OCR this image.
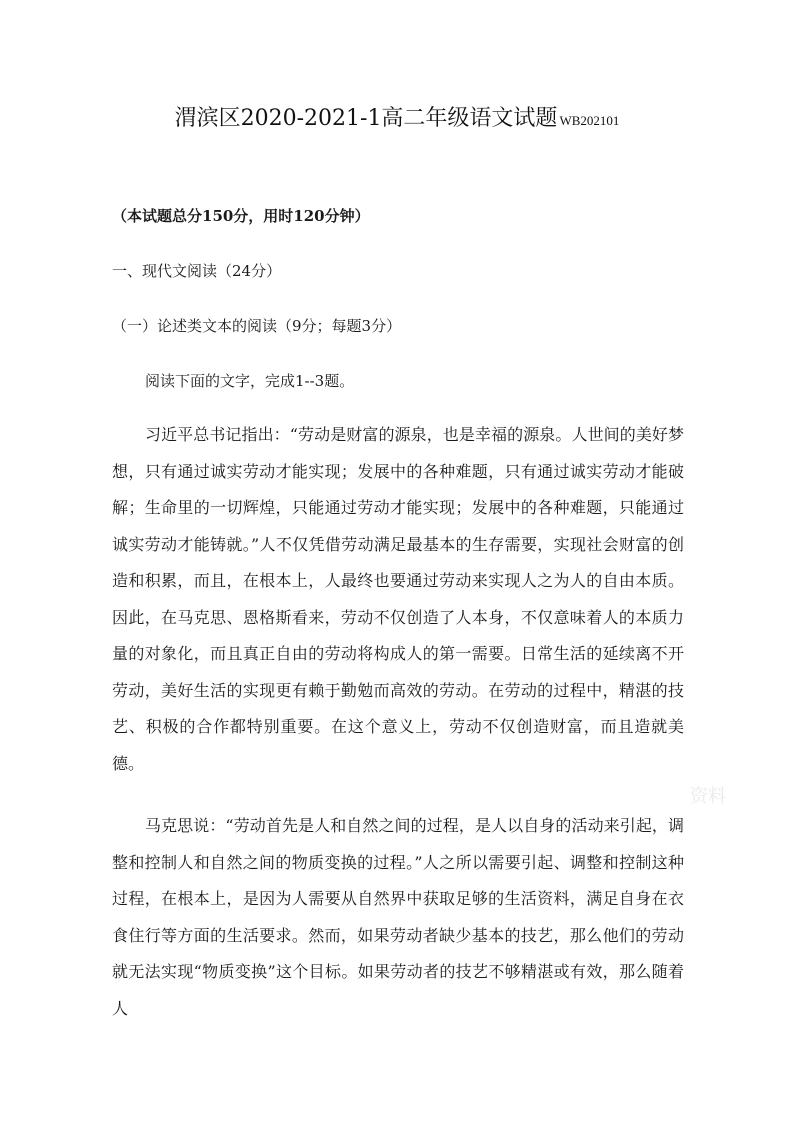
渭滨区2020-2021-1高二年级语文试题 WB202101
（本试题总分150分，用时120分钟）
一、现代文阅读（24分）
（一）论述类文本的阅读（9分；每题3分）
阅读下面的文字，完成1--3题。

习近平总书记指出：“劳动是财富的源泉，也是幸福的源泉。人世间的美好梦想，只有通过诚实劳动才能实现；发展中的各种难题，只有通过诚实劳动才能破解；生命里的一切辉煌，只能通过劳动才能实现；发展中的各种难题，只能通过诚实劳动才能铸就。”人不仅凭借劳动满足最基本的生存需要，实现社会财富的创造和积累，而且，在根本上，人最终也要通过劳动来实现人之为人的自由本质。因此，在马克思、恩格斯看来，劳动不仅创造了人本身，不仅意味着人的本质力量的对象化，而且真正自由的劳动将构成人的第一需要。日常生活的延续离不开劳动，美好生活的实现更有赖于勤勉而高效的劳动。在劳动的过程中，精湛的技艺、积极的合作都特别重要。在这个意义上，劳动不仅创造财富，而且造就美德。

马克思说：“劳动首先是人和自然之间的过程，是人以自身的活动来引起，调整和控制人和自然之间的物质变换的过程。”人之所以需要引起、调整和控制这种过程，在根本上，是因为人需要从自然界中获取足够的生活资料，满足自身在衣食住行等方面的生活要求。然而，如果劳动者缺少基本的技艺，那么他们的劳动就无法实现“物质变换”这个目标。如果劳动者的技艺不够精湛或有效，那么随着人

资料
